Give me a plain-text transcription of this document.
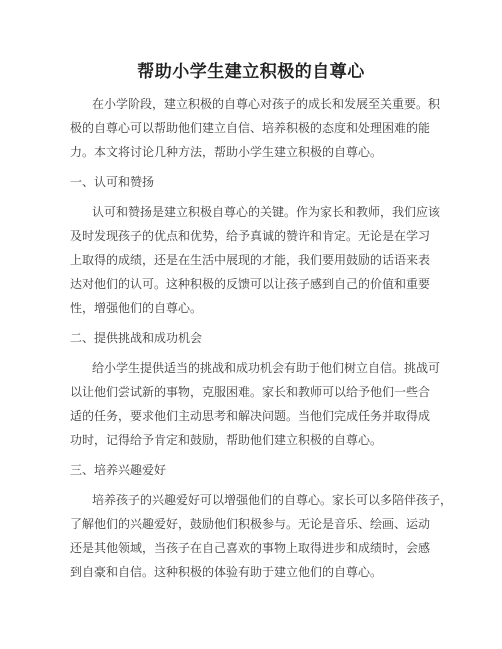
帮助小学生建立积极的自尊心
在小学阶段，建立积极的自尊心对孩子的成长和发展至关重要。积
极的自尊心可以帮助他们建立自信、培养积极的态度和处理困难的能
力。本文将讨论几种方法，帮助小学生建立积极的自尊心。
一、认可和赞扬
认可和赞扬是建立积极自尊心的关键。作为家长和教师，我们应该
及时发现孩子的优点和优势，给予真诚的赞许和肯定。无论是在学习
上取得的成绩，还是在生活中展现的才能，我们要用鼓励的话语来表
达对他们的认可。这种积极的反馈可以让孩子感到自己的价值和重要
性，增强他们的自尊心。
二、提供挑战和成功机会
给小学生提供适当的挑战和成功机会有助于他们树立自信。挑战可
以让他们尝试新的事物，克服困难。家长和教师可以给予他们一些合
适的任务，要求他们主动思考和解决问题。当他们完成任务并取得成
功时，记得给予肯定和鼓励，帮助他们建立积极的自尊心。
三、培养兴趣爱好
培养孩子的兴趣爱好可以增强他们的自尊心。家长可以多陪伴孩子，
了解他们的兴趣爱好，鼓励他们积极参与。无论是音乐、绘画、运动
还是其他领域，当孩子在自己喜欢的事物上取得进步和成绩时，会感
到自豪和自信。这种积极的体验有助于建立他们的自尊心。
